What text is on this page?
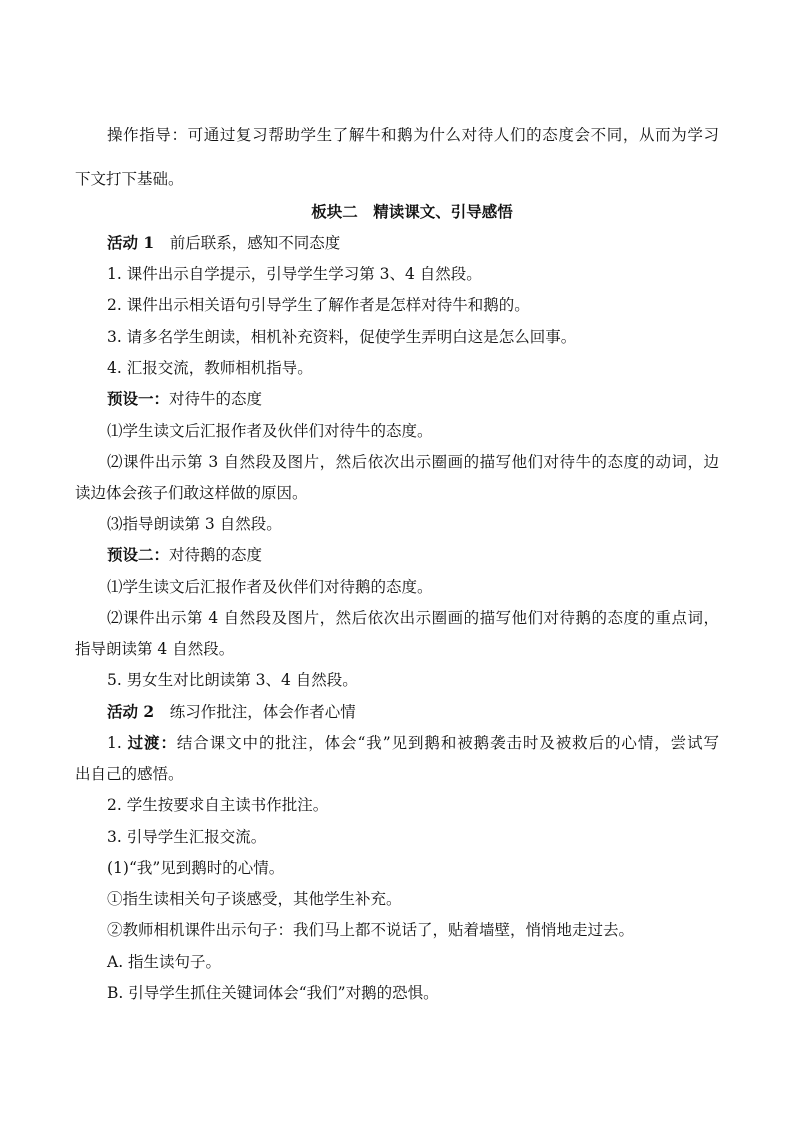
操作指导：可通过复习帮助学生了解牛和鹅为什么对待人们的态度会不同，从而为学习
下文打下基础。
板块二　精读课文、引导感悟
活动 1　前后联系，感知不同态度
1. 课件出示自学提示，引导学生学习第 3、4 自然段。
2. 课件出示相关语句引导学生了解作者是怎样对待牛和鹅的。
3. 请多名学生朗读，相机补充资料，促使学生弄明白这是怎么回事。
4. 汇报交流，教师相机指导。
预设一：对待牛的态度
⑴学生读文后汇报作者及伙伴们对待牛的态度。
⑵课件出示第 3 自然段及图片，然后依次出示圈画的描写他们对待牛的态度的动词，边
读边体会孩子们敢这样做的原因。
⑶指导朗读第 3 自然段。
预设二：对待鹅的态度
⑴学生读文后汇报作者及伙伴们对待鹅的态度。
⑵课件出示第 4 自然段及图片，然后依次出示圈画的描写他们对待鹅的态度的重点词，
指导朗读第 4 自然段。
5. 男女生对比朗读第 3、4 自然段。
活动 2　练习作批注，体会作者心情
1. 过渡：结合课文中的批注，体会“我”见到鹅和被鹅袭击时及被救后的心情，尝试写
出自己的感悟。
2. 学生按要求自主读书作批注。
3. 引导学生汇报交流。
(1)“我”见到鹅时的心情。
①指生读相关句子谈感受，其他学生补充。
②教师相机课件出示句子：我们马上都不说话了，贴着墙壁，悄悄地走过去。
A. 指生读句子。
B. 引导学生抓住关键词体会“我们”对鹅的恐惧。
